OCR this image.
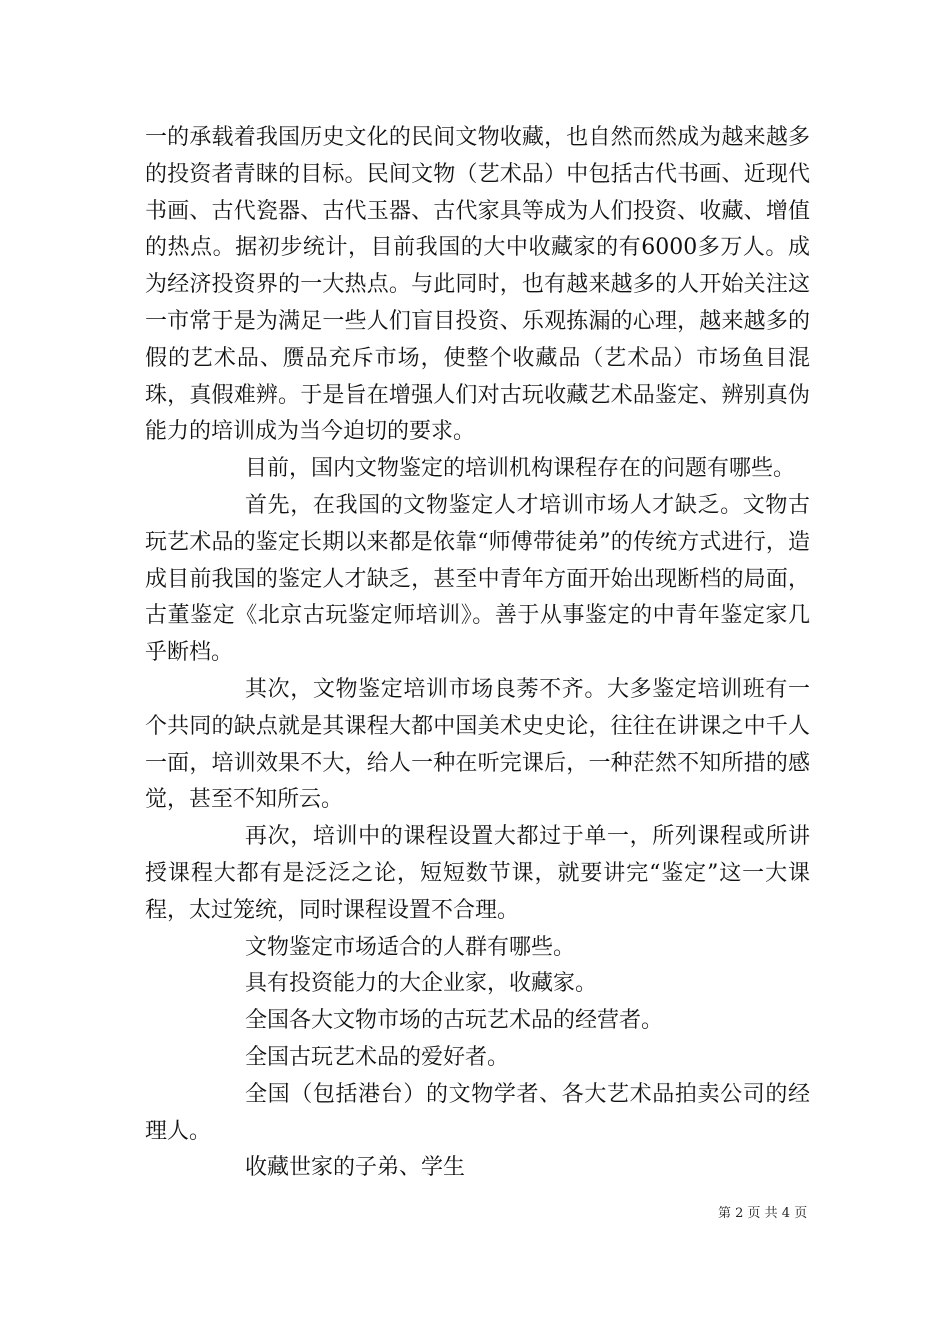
一的承载着我国历史文化的民间文物收藏，也自然而然成为越来越多的投资者青睐的目标。民间文物（艺术品）中包括古代书画、近现代书画、古代瓷器、古代玉器、古代家具等成为人们投资、收藏、增值的热点。据初步统计，目前我国的大中收藏家的有6000多万人。成为经济投资界的一大热点。与此同时，也有越来越多的人开始关注这一市常于是为满足一些人们盲目投资、乐观拣漏的心理，越来越多的假的艺术品、赝品充斥市场，使整个收藏品（艺术品）市场鱼目混珠，真假难辨。于是旨在增强人们对古玩收藏艺术品鉴定、辨别真伪能力的培训成为当今迫切的要求。

目前，国内文物鉴定的培训机构课程存在的问题有哪些。

首先，在我国的文物鉴定人才培训市场人才缺乏。文物古玩艺术品的鉴定长期以来都是依靠“师傅带徒弟”的传统方式进行，造成目前我国的鉴定人才缺乏，甚至中青年方面开始出现断档的局面，古董鉴定《北京古玩鉴定师培训》。善于从事鉴定的中青年鉴定家几乎断档。

其次，文物鉴定培训市场良莠不齐。大多鉴定培训班有一个共同的缺点就是其课程大都中国美术史史论，往往在讲课之中千人一面，培训效果不大，给人一种在听完课后，一种茫然不知所措的感觉，甚至不知所云。

再次，培训中的课程设置大都过于单一，所列课程或所讲授课程大都有是泛泛之论，短短数节课，就要讲完“鉴定”这一大课程，太过笼统，同时课程设置不合理。

文物鉴定市场适合的人群有哪些。

具有投资能力的大企业家，收藏家。

全国各大文物市场的古玩艺术品的经营者。

全国古玩艺术品的爱好者。

全国（包括港台）的文物学者、各大艺术品拍卖公司的经理人。

收藏世家的子弟、学生

第 2 页 共 4 页
